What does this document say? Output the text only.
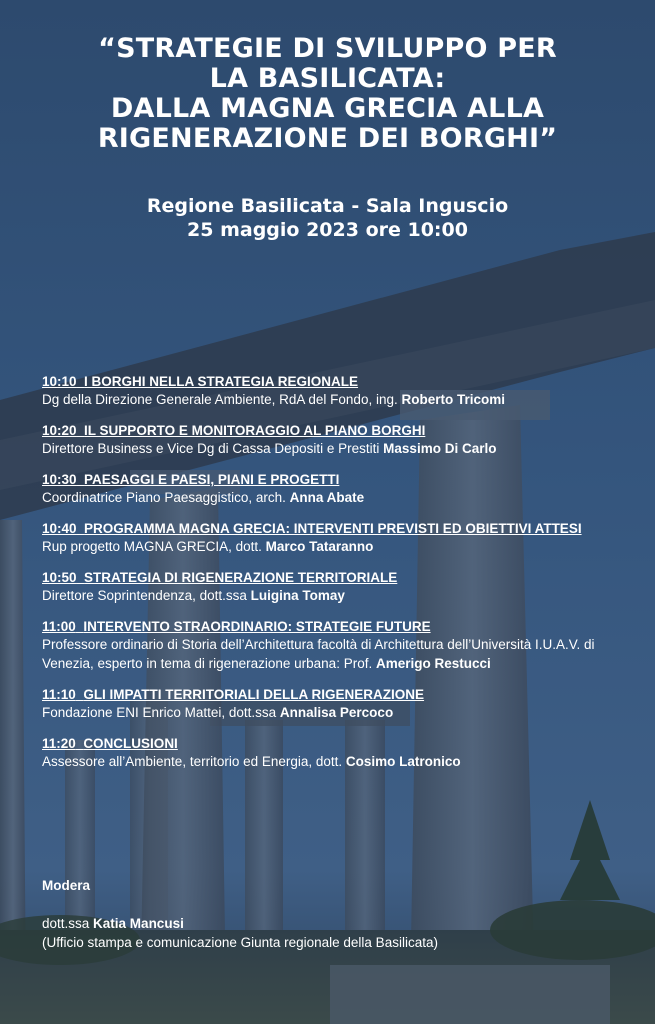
“STRATEGIE DI SVILUPPO PER
LA BASILICATA:
DALLA MAGNA GRECIA ALLA
RIGENERAZIONE DEI BORGHI”
Regione Basilicata - Sala Inguscio
25 maggio 2023 ore 10:00
10:10 I BORGHI NELLA STRATEGIA REGIONALE
Dg della Direzione Generale Ambiente, RdA del Fondo, ing. Roberto Tricomi
10:20 IL SUPPORTO E MONITORAGGIO AL PIANO BORGHI
Direttore Business e Vice Dg di Cassa Depositi e Prestiti Massimo Di Carlo
10:30 PAESAGGI E PAESI, PIANI E PROGETTI
Coordinatrice Piano Paesaggistico, arch. Anna Abate
10:40 PROGRAMMA MAGNA GRECIA: INTERVENTI PREVISTI ED OBIETTIVI ATTESI
Rup progetto MAGNA GRECIA, dott. Marco Tataranno
10:50 STRATEGIA DI RIGENERAZIONE TERRITORIALE
Direttore Soprintendenza, dott.ssa Luigina Tomay
11:00 INTERVENTO STRAORDINARIO: STRATEGIE FUTURE
Professore ordinario di Storia dell’Architettura facoltà di Architettura dell’Università I.U.A.V. di Venezia, esperto in tema di rigenerazione urbana: Prof. Amerigo Restucci
11:10 GLI IMPATTI TERRITORIALI DELLA RIGENERAZIONE
Fondazione ENI Enrico Mattei, dott.ssa Annalisa Percoco
11:20 CONCLUSIONI
Assessore all’Ambiente, territorio ed Energia, dott. Cosimo Latronico
Modera
dott.ssa Katia Mancusi
(Ufficio stampa e comunicazione Giunta regionale della Basilicata)
